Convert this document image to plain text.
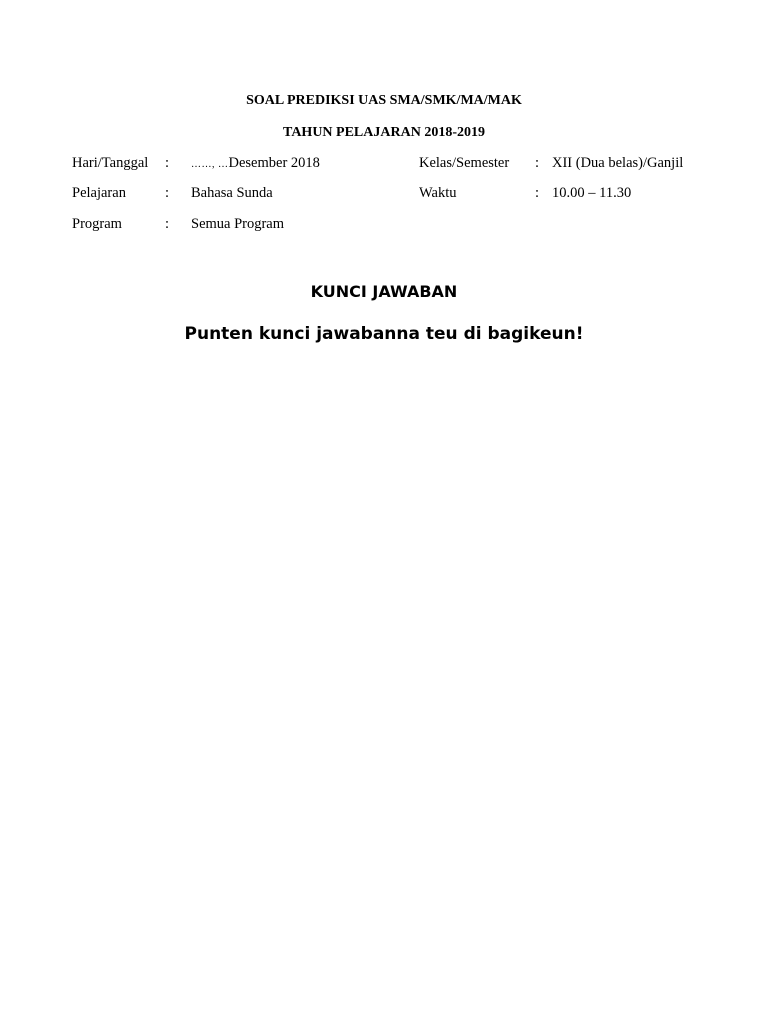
SOAL PREDIKSI UAS SMA/SMK/MA/MAK
TAHUN PELAJARAN 2018-2019
Hari/Tanggal : ……, …Desember 2018	Kelas/Semester : XII (Dua belas)/Ganjil
Pelajaran	: Bahasa Sunda	Waktu	: 10.00 – 11.30
Program	: Semua Program
KUNCI JAWABAN
Punten kunci jawabanna teu di bagikeun!
